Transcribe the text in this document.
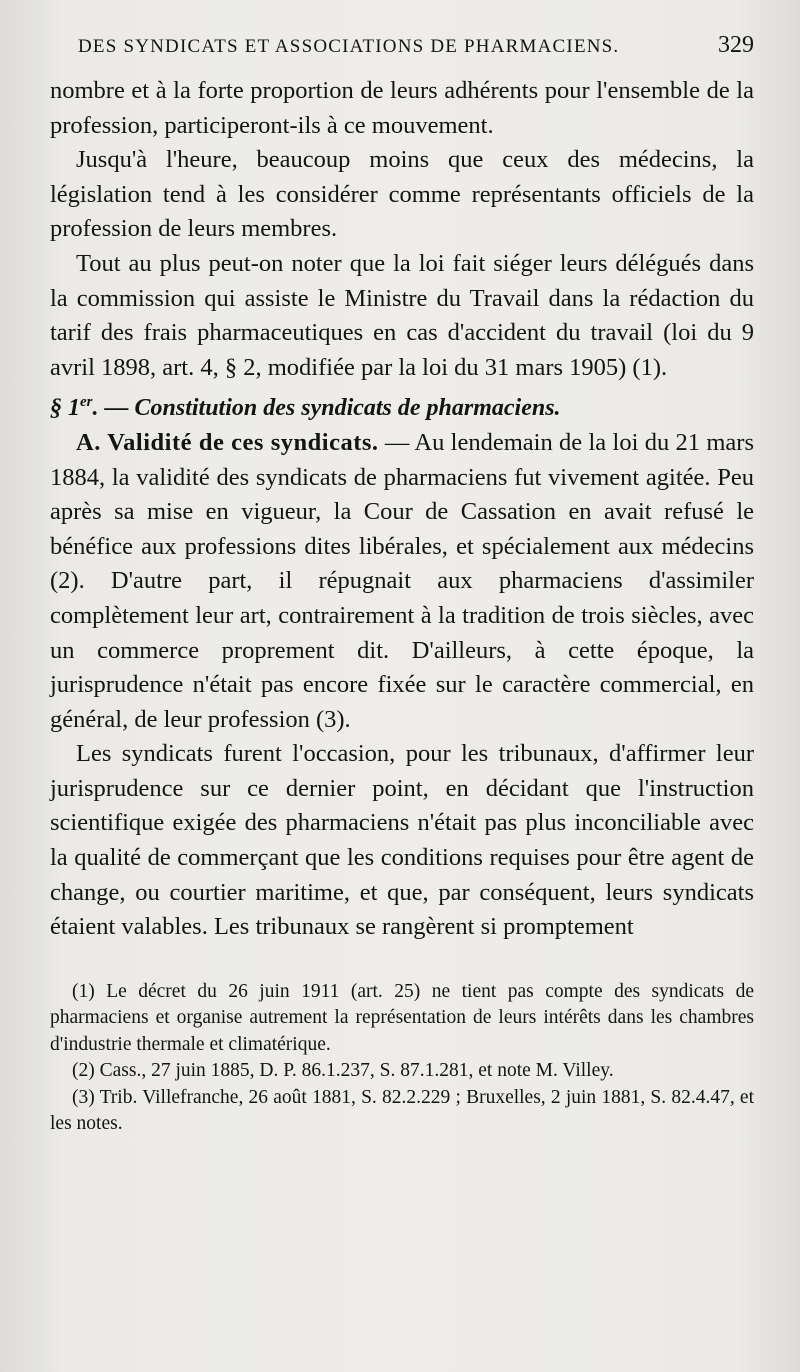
DES SYNDICATS ET ASSOCIATIONS DE PHARMACIENS.	329

nombre et à la forte proportion de leurs adhérents pour l'ensemble de la profession, participeront-ils à ce mouvement.

Jusqu'à l'heure, beaucoup moins que ceux des médecins, la législation tend à les considérer comme représentants officiels de la profession de leurs membres.

Tout au plus peut-on noter que la loi fait siéger leurs délégués dans la commission qui assiste le Ministre du Travail dans la rédaction du tarif des frais pharmaceutiques en cas d'accident du travail (loi du 9 avril 1898, art. 4, § 2, modifiée par la loi du 31 mars 1905) (1).

§ 1er. — Constitution des syndicats de pharmaciens.

A. Validité de ces syndicats. — Au lendemain de la loi du 21 mars 1884, la validité des syndicats de pharmaciens fut vivement agitée. Peu après sa mise en vigueur, la Cour de Cassation en avait refusé le bénéfice aux professions dites libérales, et spécialement aux médecins (2). D'autre part, il répugnait aux pharmaciens d'assimiler complètement leur art, contrairement à la tradition de trois siècles, avec un commerce proprement dit. D'ailleurs, à cette époque, la jurisprudence n'était pas encore fixée sur le caractère commercial, en général, de leur profession (3).

Les syndicats furent l'occasion, pour les tribunaux, d'affirmer leur jurisprudence sur ce dernier point, en décidant que l'instruction scientifique exigée des pharmaciens n'était pas plus inconciliable avec la qualité de commerçant que les conditions requises pour être agent de change, ou courtier maritime, et que, par conséquent, leurs syndicats étaient valables. Les tribunaux se rangèrent si promptement

(1) Le décret du 26 juin 1911 (art. 25) ne tient pas compte des syndicats de pharmaciens et organise autrement la représentation de leurs intérêts dans les chambres d'industrie thermale et climatérique.

(2) Cass., 27 juin 1885, D. P. 86.1.237, S. 87.1.281, et note M. Villey.

(3) Trib. Villefranche, 26 août 1881, S. 82.2.229 ; Bruxelles, 2 juin 1881, S. 82.4.47, et les notes.
